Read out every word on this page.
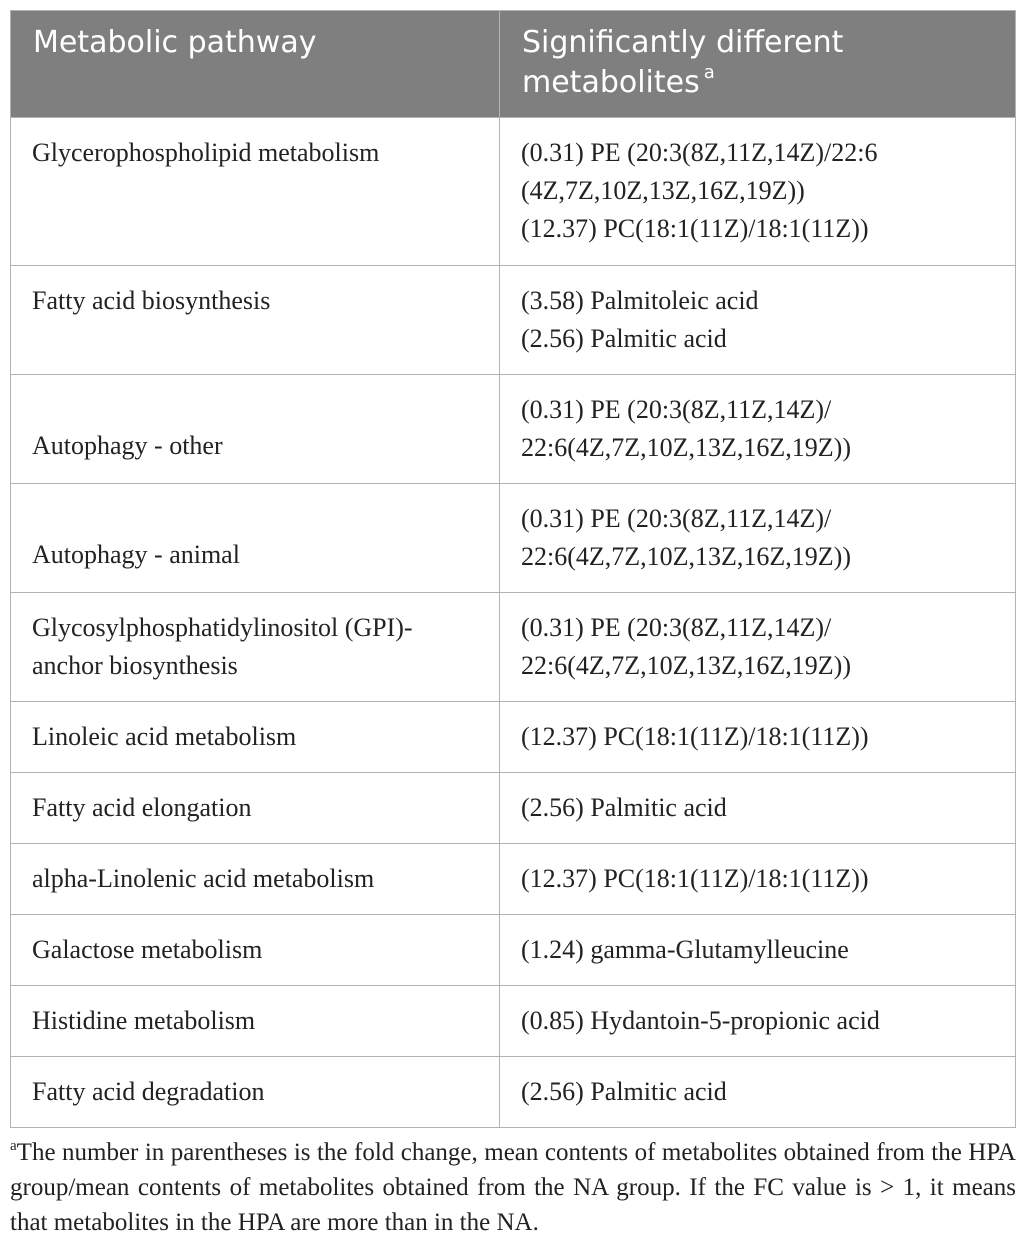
Metabolic pathway	Significantly different
metabolites $^a$

Glycerophospholipid metabolism	(0.31) PE (20:3(8Z,11Z,14Z)/22:6
(4Z,7Z,10Z,13Z,16Z,19Z))
(12.37) PC(18:1(11Z)/18:1(11Z))

Fatty acid biosynthesis	(3.58) Palmitoleic acid
(2.56) Palmitic acid

Autophagy - other	(0.31) PE (20:3(8Z,11Z,14Z)/
22:6(4Z,7Z,10Z,13Z,16Z,19Z))

Autophagy - animal	(0.31) PE (20:3(8Z,11Z,14Z)/
22:6(4Z,7Z,10Z,13Z,16Z,19Z))

Glycosylphosphatidylinositol (GPI)-
anchor biosynthesis	(0.31) PE (20:3(8Z,11Z,14Z)/
22:6(4Z,7Z,10Z,13Z,16Z,19Z))

Linoleic acid metabolism	(12.37) PC(18:1(11Z)/18:1(11Z))

Fatty acid elongation	(2.56) Palmitic acid

alpha-Linolenic acid metabolism	(12.37) PC(18:1(11Z)/18:1(11Z))

Galactose metabolism	(1.24) gamma-Glutamylleucine

Histidine metabolism	(0.85) Hydantoin-5-propionic acid

Fatty acid degradation	(2.56) Palmitic acid
$^a$The number in parentheses is the fold change, mean contents of metabolites obtained from the HPA group/mean contents of metabolites obtained from the NA group. If the FC value is > 1, it means that metabolites in the HPA are more than in the NA.
